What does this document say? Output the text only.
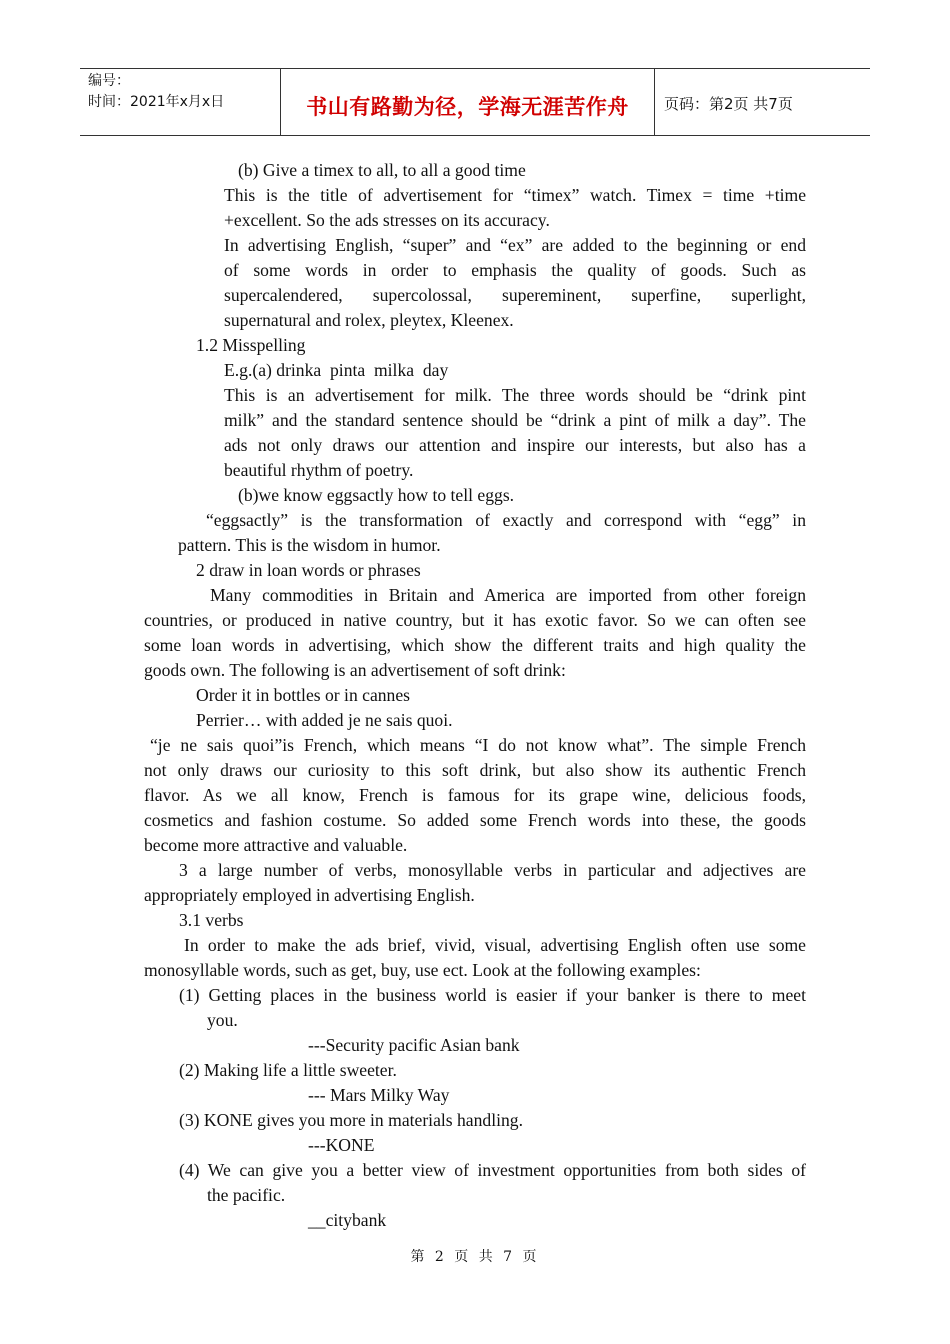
编号：
时间：2021年x月x日	书山有路勤为径，学海无涯苦作舟	页码：第2页 共7页
(b) Give a timex to all, to all a good time
This is the title of advertisement for “timex” watch. Timex = time +time
+excellent. So the ads stresses on its accuracy.
In advertising English, “super” and “ex” are added to the beginning or end
of some words in order to emphasis the quality of goods. Such as
supercalendered, supercolossal, supereminent, superfine, superlight,
supernatural and rolex, pleytex, Kleenex.
1.2 Misspelling
E.g.(a) drinka  pinta  milka  day
This is an advertisement for milk. The three words should be “drink pint
milk” and the standard sentence should be “drink a pint of milk a day”. The
ads not only draws our attention and inspire our interests, but also has a
beautiful rhythm of poetry.
(b)we know eggsactly how to tell eggs.
“eggsactly” is the transformation of exactly and correspond with “egg” in
pattern. This is the wisdom in humor.
2 draw in loan words or phrases
Many commodities in Britain and America are imported from other foreign
countries, or produced in native country, but it has exotic favor. So we can often see
some loan words in advertising, which show the different traits and high quality the
goods own. The following is an advertisement of soft drink:
Order it in bottles or in cannes
Perrier… with added je ne sais quoi.
“je ne sais quoi”is French, which means “I do not know what”. The simple French
not only draws our curiosity to this soft drink, but also show its authentic French
flavor. As we all know, French is famous for its grape wine, delicious foods,
cosmetics and fashion costume. So added some French words into these, the goods
become more attractive and valuable.
3 a large number of verbs, monosyllable verbs in particular and adjectives are
appropriately employed in advertising English.
3.1 verbs
In order to make the ads brief, vivid, visual, advertising English often use some
monosyllable words, such as get, buy, use ect. Look at the following examples:
(1) Getting places in the business world is easier if your banker is there to meet
you.
---Security pacific Asian bank
(2) Making life a little sweeter.
--- Mars Milky Way
(3) KONE gives you more in materials handling.
---KONE
(4) We can give you a better view of investment opportunities from both sides of
the pacific.
__citybank
第 2 页 共 7 页
